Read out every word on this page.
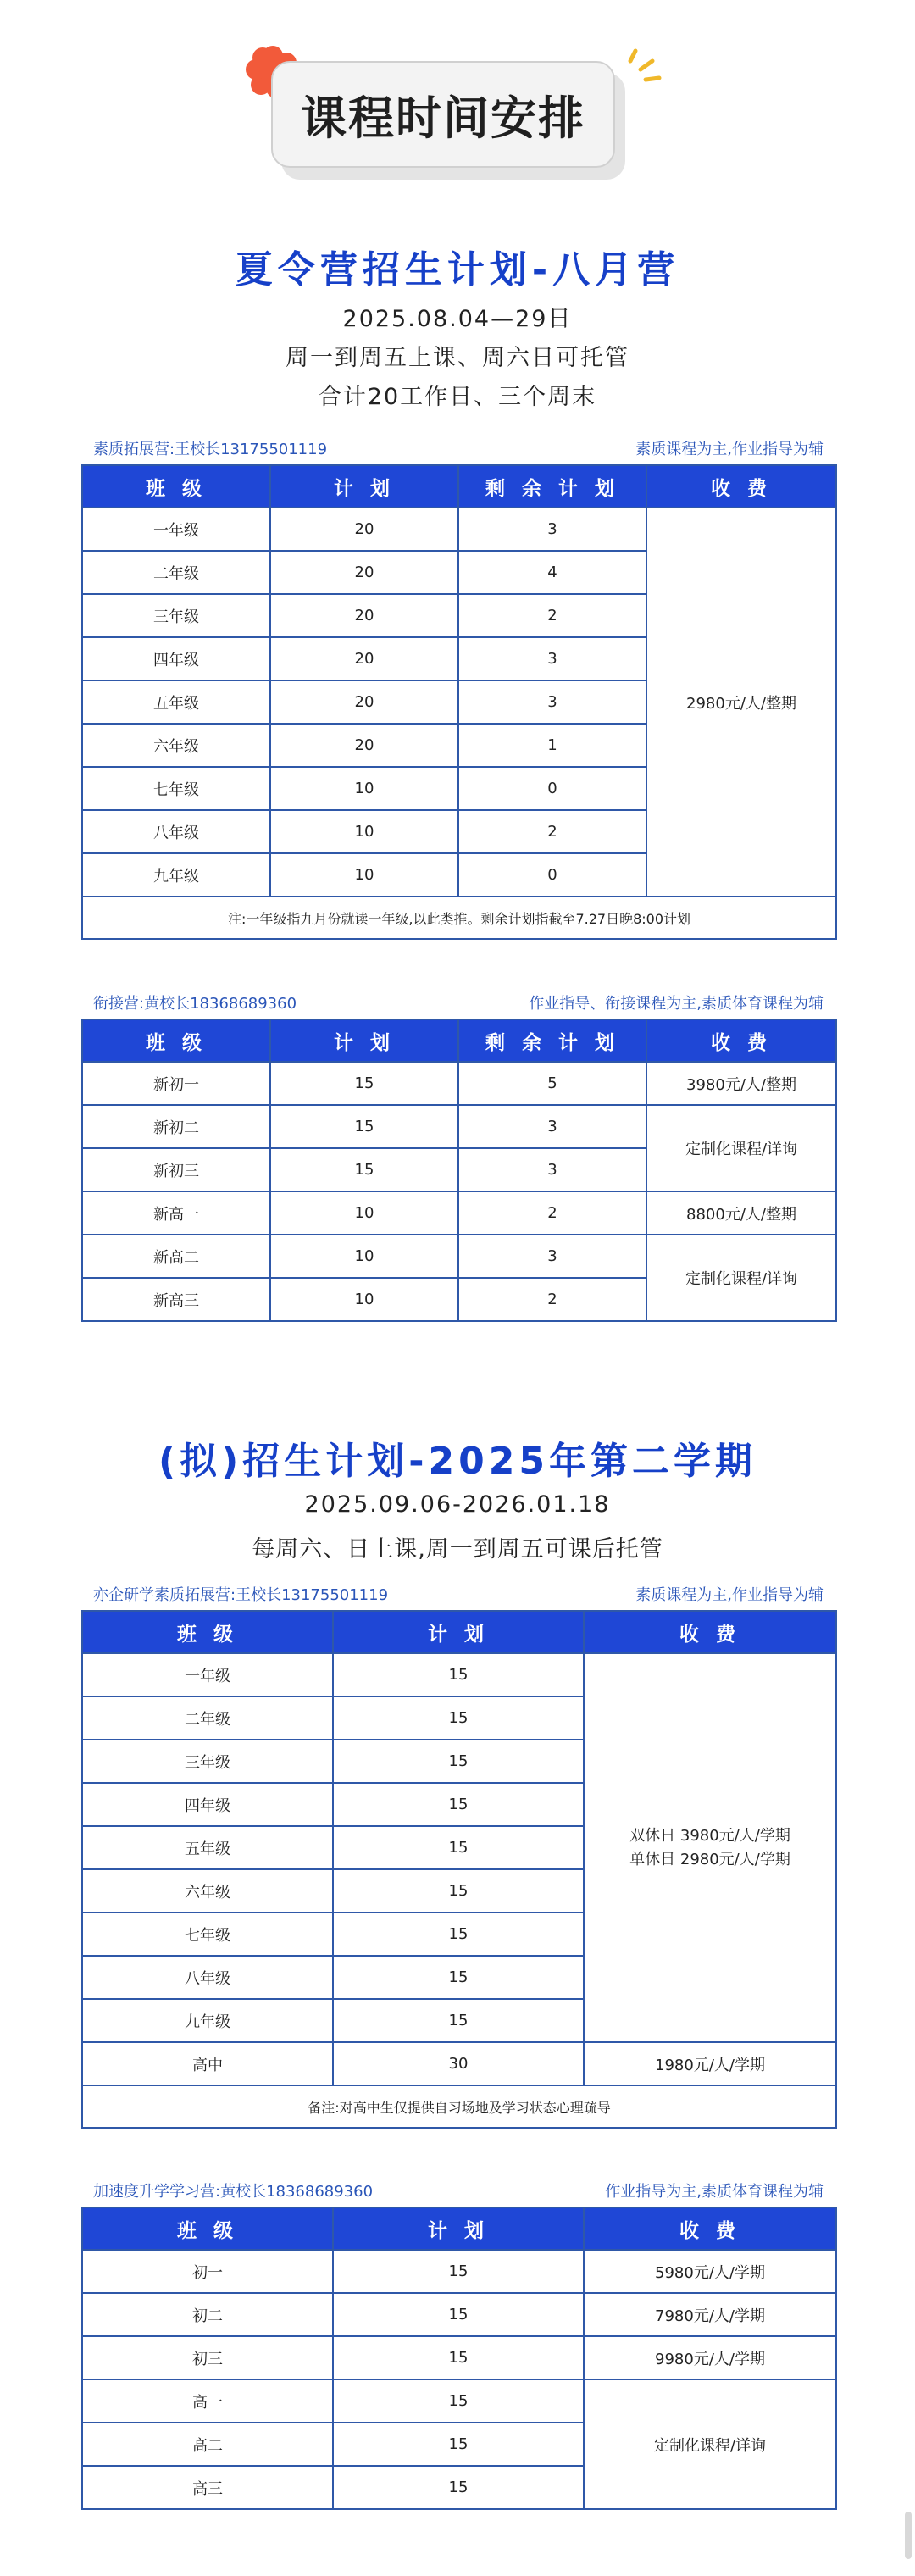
课程时间安排
夏令营招生计划-八月营
2025.08.04—29日
周一到周五上课、周六日可托管
合计20工作日、三个周末
素质拓展营:王校长13175501119	素质课程为主,作业指导为辅
班 级	计 划	剩 余 计 划	收 费
一年级	20	3	2980元/人/整期
二年级	20	4	
三年级	20	2	
四年级	20	3	
五年级	20	3	
六年级	20	1	
七年级	10	0	
八年级	10	2	
九年级	10	0	
注:一年级指九月份就读一年级,以此类推。剩余计划指截至7.27日晚8:00计划			
衔接营:黄校长18368689360	作业指导、衔接课程为主,素质体育课程为辅
班 级	计 划	剩 余 计 划	收 费
新初一	15	5	3980元/人/整期
新初二	15	3	定制化课程/详询
新初三	15	3	
新高一	10	2	8800元/人/整期
新高二	10	3	定制化课程/详询
新高三	10	2	
(拟)招生计划-2025年第二学期
2025.09.06-2026.01.18
每周六、日上课,周一到周五可课后托管
亦企研学素质拓展营:王校长13175501119	素质课程为主,作业指导为辅
班 级	计 划	收 费
一年级	15	双休日 3980元/人/学期
单休日 2980元/人/学期

二年级	15	
三年级	15	
四年级	15	
五年级	15	
六年级	15	
七年级	15	
八年级	15	
九年级	15	
高中	30	1980元/人/学期
备注:对高中生仅提供自习场地及学习状态心理疏导		
加速度升学学习营:黄校长18368689360	作业指导为主,素质体育课程为辅
班 级	计 划	收 费
初一	15	5980元/人/学期
初二	15	7980元/人/学期
初三	15	9980元/人/学期
高一	15	定制化课程/详询
高二	15	
高三	15	
